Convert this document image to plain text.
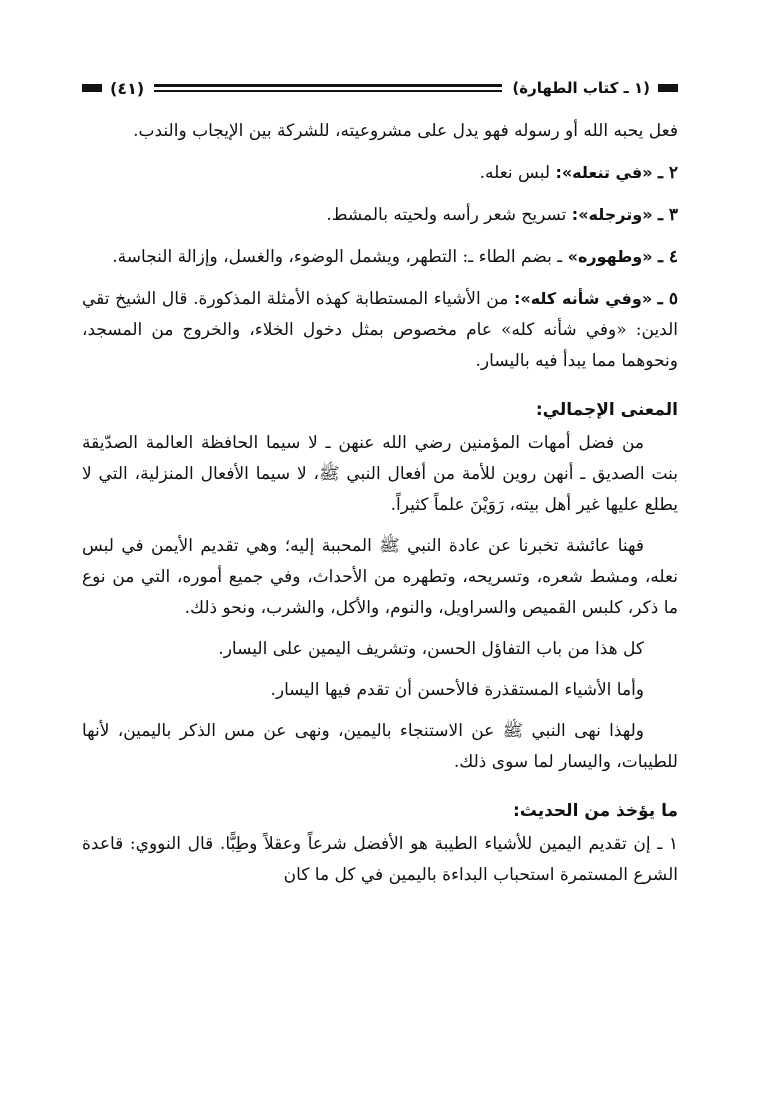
(١ ـ كتاب الطهارة)
(٤١)

فعل يحبه الله أو رسوله فهو يدل على مشروعيته، للشركة بين الإيجاب والندب.

٢ ـ «في تنعله»: لبس نعله.

٣ ـ «وترجله»: تسريح شعر رأسه ولحيته بالمشط.

٤ ـ «وطهوره» ـ بضم الطاء ـ: التطهر، ويشمل الوضوء، والغسل، وإزالة النجاسة.

٥ ـ «وفي شأنه كله»: من الأشياء المستطابة كهذه الأمثلة المذكورة. قال الشيخ تقي الدين: «وفي شأنه كله» عام مخصوص بمثل دخول الخلاء، والخروج من المسجد، ونحوهما مما يبدأ فيه باليسار.

المعنى الإجمالي:

من فضل أمهات المؤمنين رضي الله عنهن ـ لا سيما الحافظة العالمة الصدّيقة بنت الصديق ـ أنهن روين للأمة من أفعال النبي ﷺ، لا سيما الأفعال المنزلية، التي لا يطلع عليها غير أهل بيته، رَوَيْنَ علماً كثيراً.

فهنا عائشة تخبرنا عن عادة النبي ﷺ المحببة إليه؛ وهي تقديم الأيمن في لبس نعله، ومشط شعره، وتسريحه، وتطهره من الأحداث، وفي جميع أموره، التي من نوع ما ذكر، كلبس القميص والسراويل، والنوم، والأكل، والشرب، ونحو ذلك.

كل هذا من باب التفاؤل الحسن، وتشريف اليمين على اليسار.

وأما الأشياء المستقذرة فالأحسن أن تقدم فيها اليسار.

ولهذا نهى النبي ﷺ عن الاستنجاء باليمين، ونهى عن مس الذكر باليمين، لأنها للطيبات، واليسار لما سوى ذلك.

ما يؤخذ من الحديث:

١ ـ إن تقديم اليمين للأشياء الطيبة هو الأفضل شرعاً وعقلاً وطِبًّا. قال النووي: قاعدة الشرع المستمرة استحباب البداءة باليمين في كل ما كان
